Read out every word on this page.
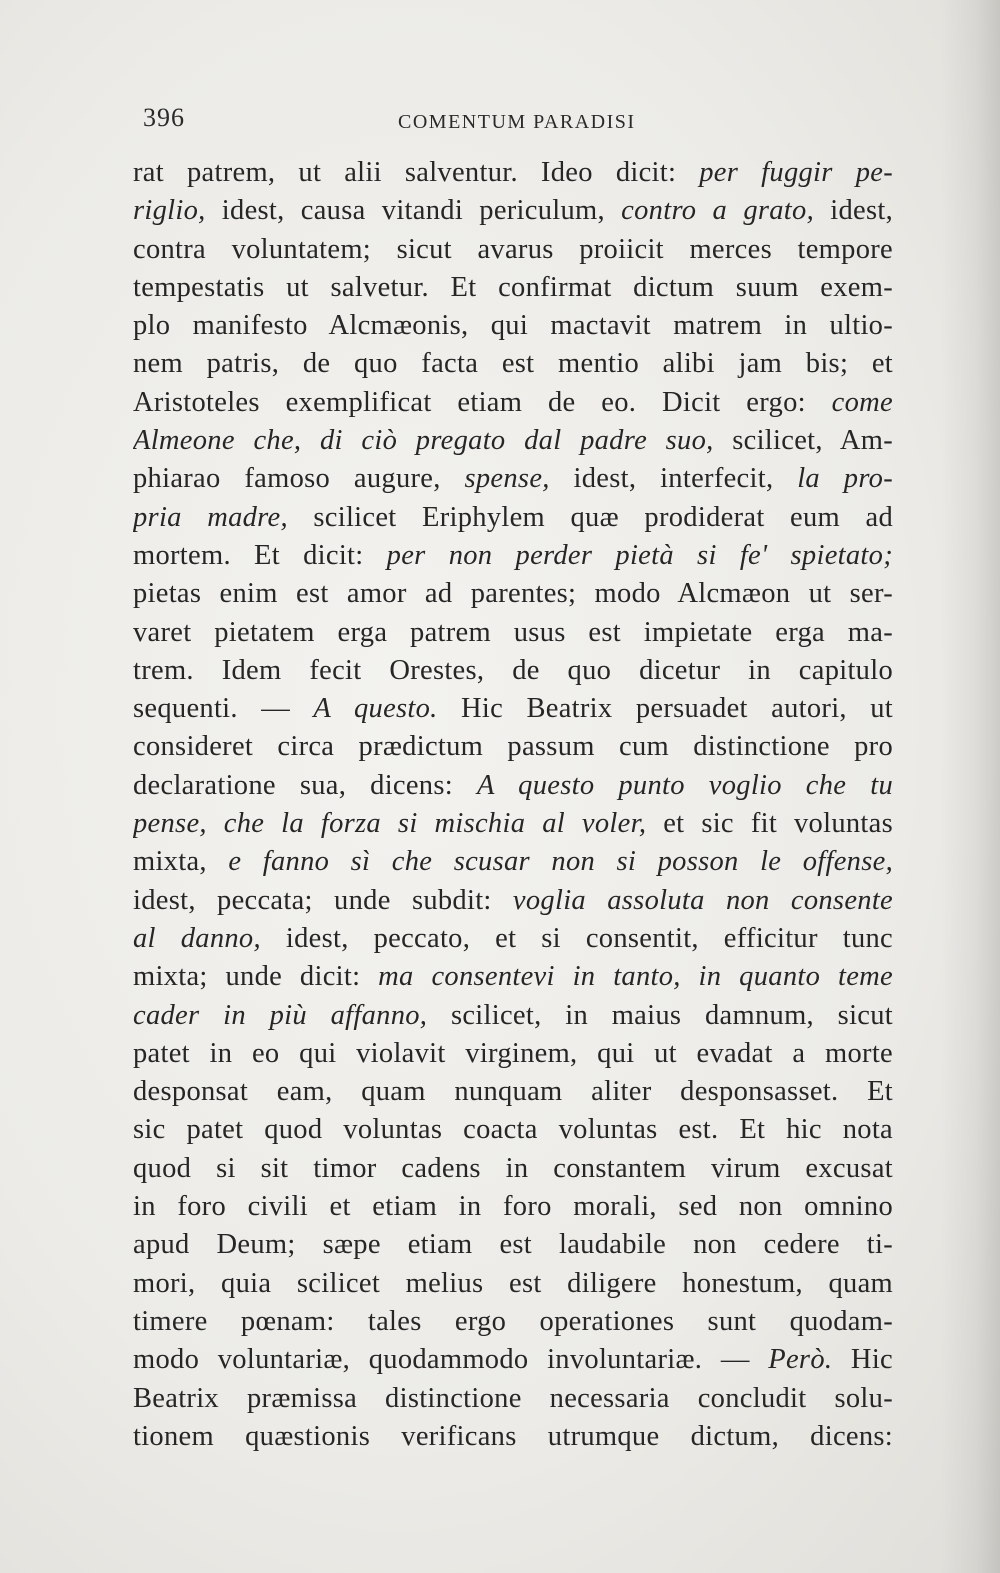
396	COMENTUM PARADISI
rat patrem, ut alii salventur. Ideo dicit: per fuggir pe-
riglio, idest, causa vitandi periculum, contro a grato, idest,
contra voluntatem; sicut avarus proiicit merces tempore
tempestatis ut salvetur. Et confirmat dictum suum exem-
plo manifesto Alcmæonis, qui mactavit matrem in ultio-
nem patris, de quo facta est mentio alibi jam bis; et
Aristoteles exemplificat etiam de eo. Dicit ergo: come
Almeone che, di ciò pregato dal padre suo, scilicet, Am-
phiarao famoso augure, spense, idest, interfecit, la pro-
pria madre, scilicet Eriphylem quæ prodiderat eum ad
mortem. Et dicit: per non perder pietà si fe' spietato;
pietas enim est amor ad parentes; modo Alcmæon ut ser-
varet pietatem erga patrem usus est impietate erga ma-
trem. Idem fecit Orestes, de quo dicetur in capitulo
sequenti. — A questo. Hic Beatrix persuadet autori, ut
consideret circa prædictum passum cum distinctione pro
declaratione sua, dicens: A questo punto voglio che tu
pense, che la forza si mischia al voler, et sic fit voluntas
mixta, e fanno sì che scusar non si posson le offense,
idest, peccata; unde subdit: voglia assoluta non consente
al danno, idest, peccato, et si consentit, efficitur tunc
mixta; unde dicit: ma consentevi in tanto, in quanto teme
cader in più affanno, scilicet, in maius damnum, sicut
patet in eo qui violavit virginem, qui ut evadat a morte
desponsat eam, quam nunquam aliter desponsasset. Et
sic patet quod voluntas coacta voluntas est. Et hic nota
quod si sit timor cadens in constantem virum excusat
in foro civili et etiam in foro morali, sed non omnino
apud Deum; sæpe etiam est laudabile non cedere ti-
mori, quia scilicet melius est diligere honestum, quam
timere pœnam: tales ergo operationes sunt quodam-
modo voluntariæ, quodammodo involuntariæ. — Però. Hic
Beatrix præmissa distinctione necessaria concludit solu-
tionem quæstionis verificans utrumque dictum, dicens:
